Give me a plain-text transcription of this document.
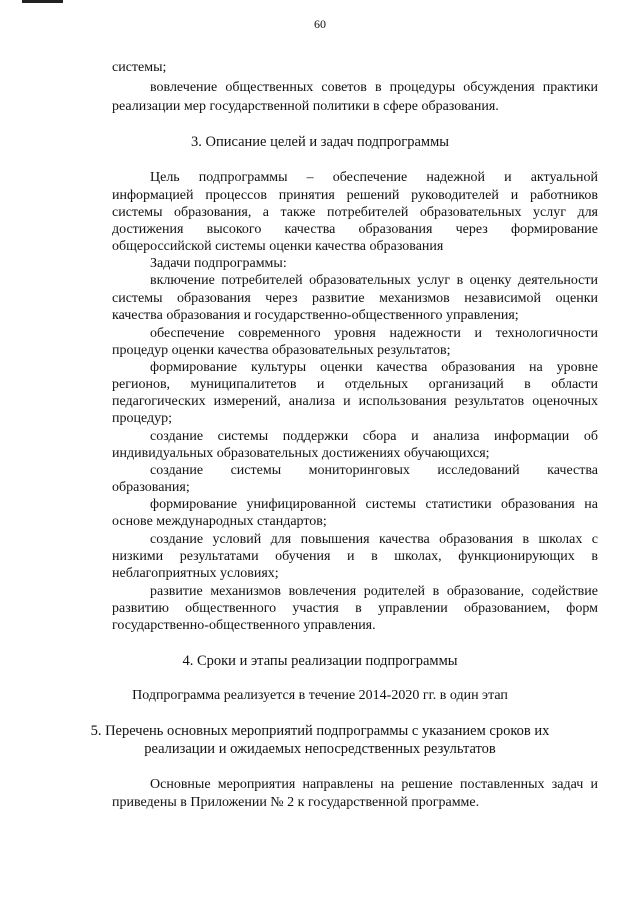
60
системы;
вовлечение общественных советов в процедуры обсуждения практики
реализации мер государственной политики в сфере образования.
3. Описание целей и задач подпрограммы
Цель подпрограммы – обеспечение надежной и актуальной
информацией процессов принятия решений руководителей и работников
системы образования, а также потребителей образовательных услуг для
достижения высокого качества образования через формирование
общероссийской системы оценки качества образования
Задачи подпрограммы:
включение потребителей образовательных услуг в оценку деятельности
системы образования через развитие механизмов независимой оценки
качества образования и государственно-общественного управления;
обеспечение современного уровня надежности и технологичности
процедур оценки качества образовательных результатов;
формирование культуры оценки качества образования на уровне
регионов, муниципалитетов и отдельных организаций в области
педагогических измерений, анализа и использования результатов оценочных
процедур;
создание системы поддержки сбора и анализа информации об
индивидуальных образовательных достижениях обучающихся;
создание системы мониторинговых исследований качества
образования;
формирование унифицированной системы статистики образования на
основе международных стандартов;
создание условий для повышения качества образования в школах с
низкими результатами обучения и в школах, функционирующих в
неблагоприятных условиях;
развитие механизмов вовлечения родителей в образование, содействие
развитию общественного участия в управлении образованием, форм
государственно-общественного управления.
4. Сроки и этапы реализации подпрограммы
Подпрограмма реализуется в течение 2014-2020 гг. в один этап
5. Перечень основных мероприятий подпрограммы с указанием сроков их
реализации и ожидаемых непосредственных результатов
Основные мероприятия направлены на решение поставленных задач и
приведены в Приложении № 2 к государственной программе.
